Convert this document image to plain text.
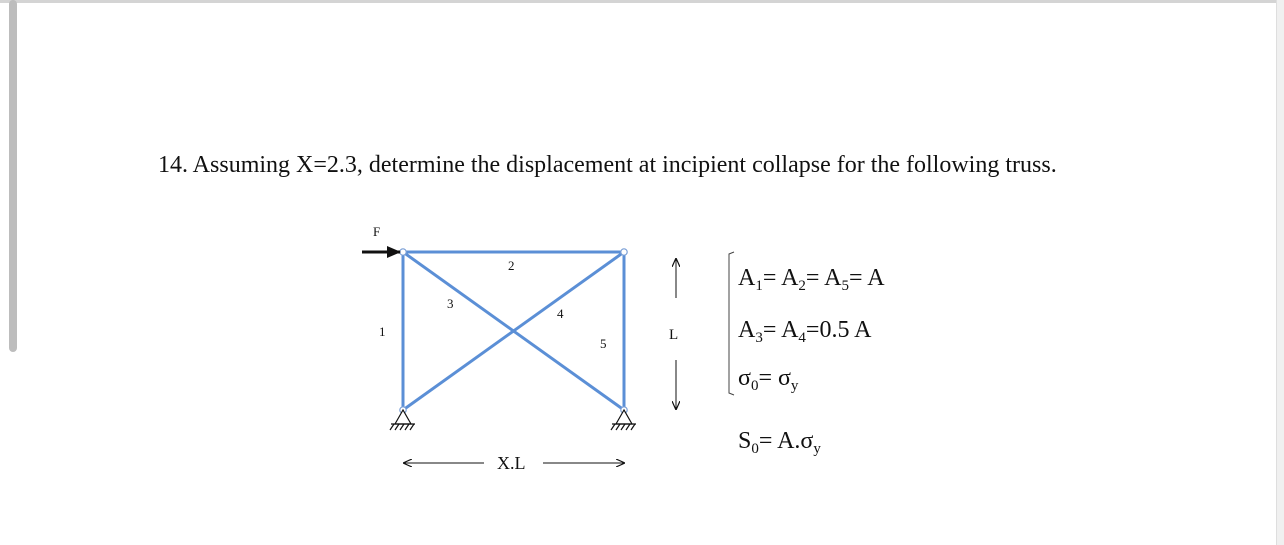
14. Assuming X=2.3, determine the displacement at incipient collapse for the following truss.
F
1
2
3
4
5
L
X.L
$A_1= A_2= A_5= A$
$A_3= A_4=0.5$ A
$\sigma_0= \sigma_y$
$S_0= A.\sigma_y$
